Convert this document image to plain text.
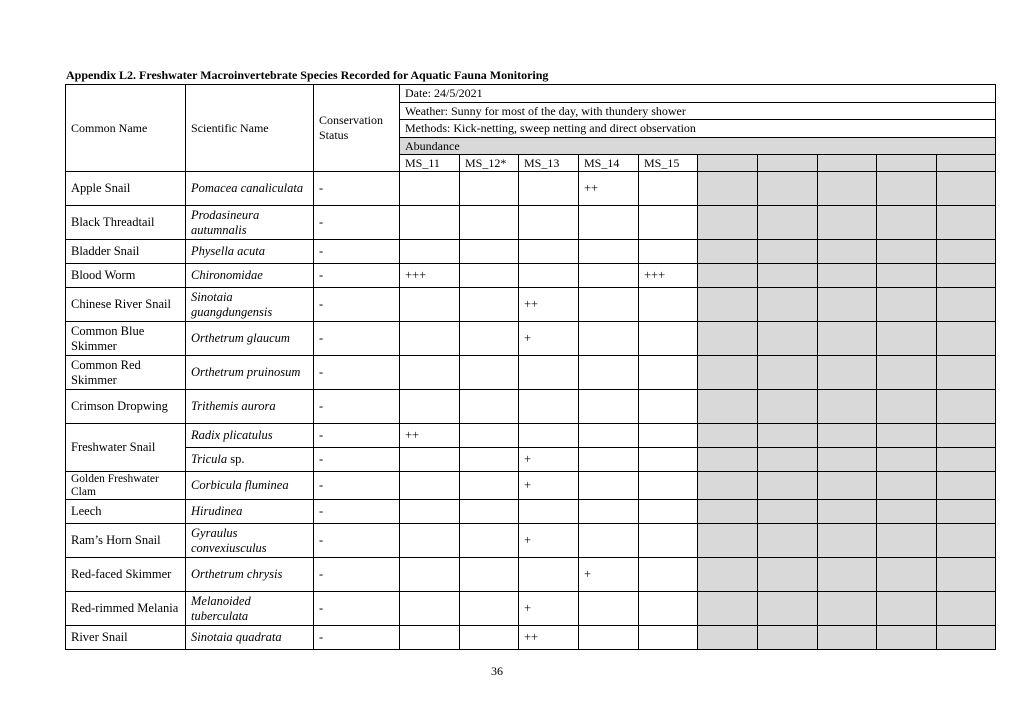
Appendix L2. Freshwater Macroinvertebrate Species Recorded for Aquatic Fauna Monitoring
Common Name	Scientific Name	Conservation Status	Date: 24/5/2021									
			Weather: Sunny for most of the day, with thundery shower									
			Methods: Kick-netting, sweep netting and direct observation									
			Abundance									
			MS_11	MS_12*	MS_13	MS_14	MS_15					
Apple Snail	Pomacea canaliculata	-				++						
Black Threadtail	Prodasineura autumnalis	-										
Bladder Snail	Physella acuta	-										
Blood Worm	Chironomidae	-	+++				+++					
Chinese River Snail	Sinotaia guangdungensis	-			++							
Common Blue Skimmer	Orthetrum glaucum	-			+							
Common Red Skimmer	Orthetrum pruinosum	-										
Crimson Dropwing	Trithemis aurora	-										
Freshwater Snail	Radix plicatulus	-	++									
	Tricula sp.	-			+							
Golden Freshwater Clam	Corbicula fluminea	-			+							
Leech	Hirudinea	-										
Ram’s Horn Snail	Gyraulus convexiusculus	-			+							
Red-faced Skimmer	Orthetrum chrysis	-				+						
Red-rimmed Melania	Melanoided tuberculata	-			+							
River Snail	Sinotaia quadrata	-			++							
36
